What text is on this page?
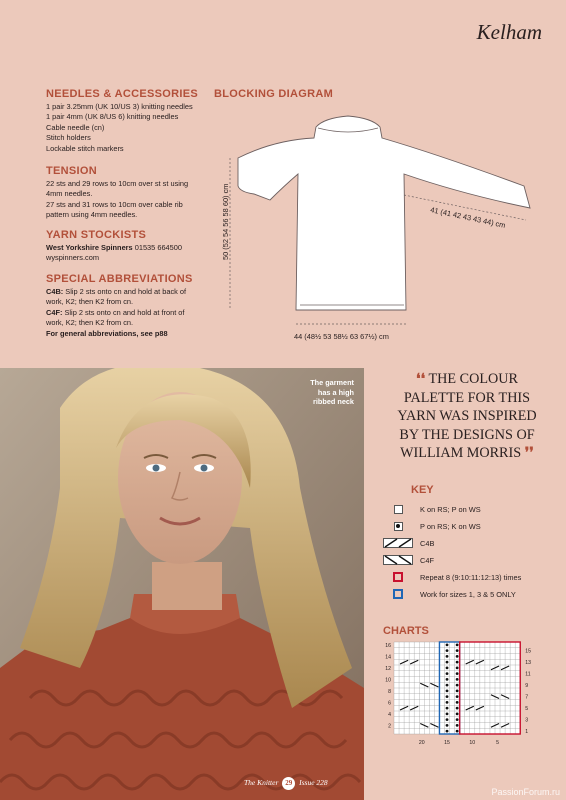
Kelham
NEEDLES & ACCESSORIES
1 pair 3.25mm (UK 10/US 3) knitting needles
1 pair 4mm (UK 8/US 6) knitting needles
Cable needle (cn)
Stitch holders
Lockable stitch markers
TENSION
22 sts and 29 rows to 10cm over st st using
4mm needles.
27 sts and 31 rows to 10cm over cable rib
pattern using 4mm needles.
YARN STOCKISTS
West Yorkshire Spinners 01535 664500
wyspinners.com
SPECIAL ABBREVIATIONS
C4B: Slip 2 sts onto cn and hold at back of
work, K2; then K2 from cn.
C4F: Slip 2 sts onto cn and hold at front of
work, K2; then K2 from cn.
For general abbreviations, see p88
BLOCKING DIAGRAM
41 (41 42 43 43 44) cm
50 (52 54 56 58 60) cm
44 (48½ 53 58½ 63 67½) cm
The garment
has a high
ribbed neck
The Knitter 29 Issue 228
❛❛ THE COLOUR PALETTE FOR THIS YARN WAS INSPIRED BY THE DESIGNS OF WILLIAM MORRIS ❜❜
KEY
K on RS; P on WS
P on RS; K on WS
C4B
C4F
Repeat 8 (9:10:11:12:13) times
Work for sizes 1, 3 & 5 ONLY
CHARTS
16
14
12
10
8
6
4
2
15
13
11
9
7
5
3
1
20	15	10	5
PassionForum.ru
